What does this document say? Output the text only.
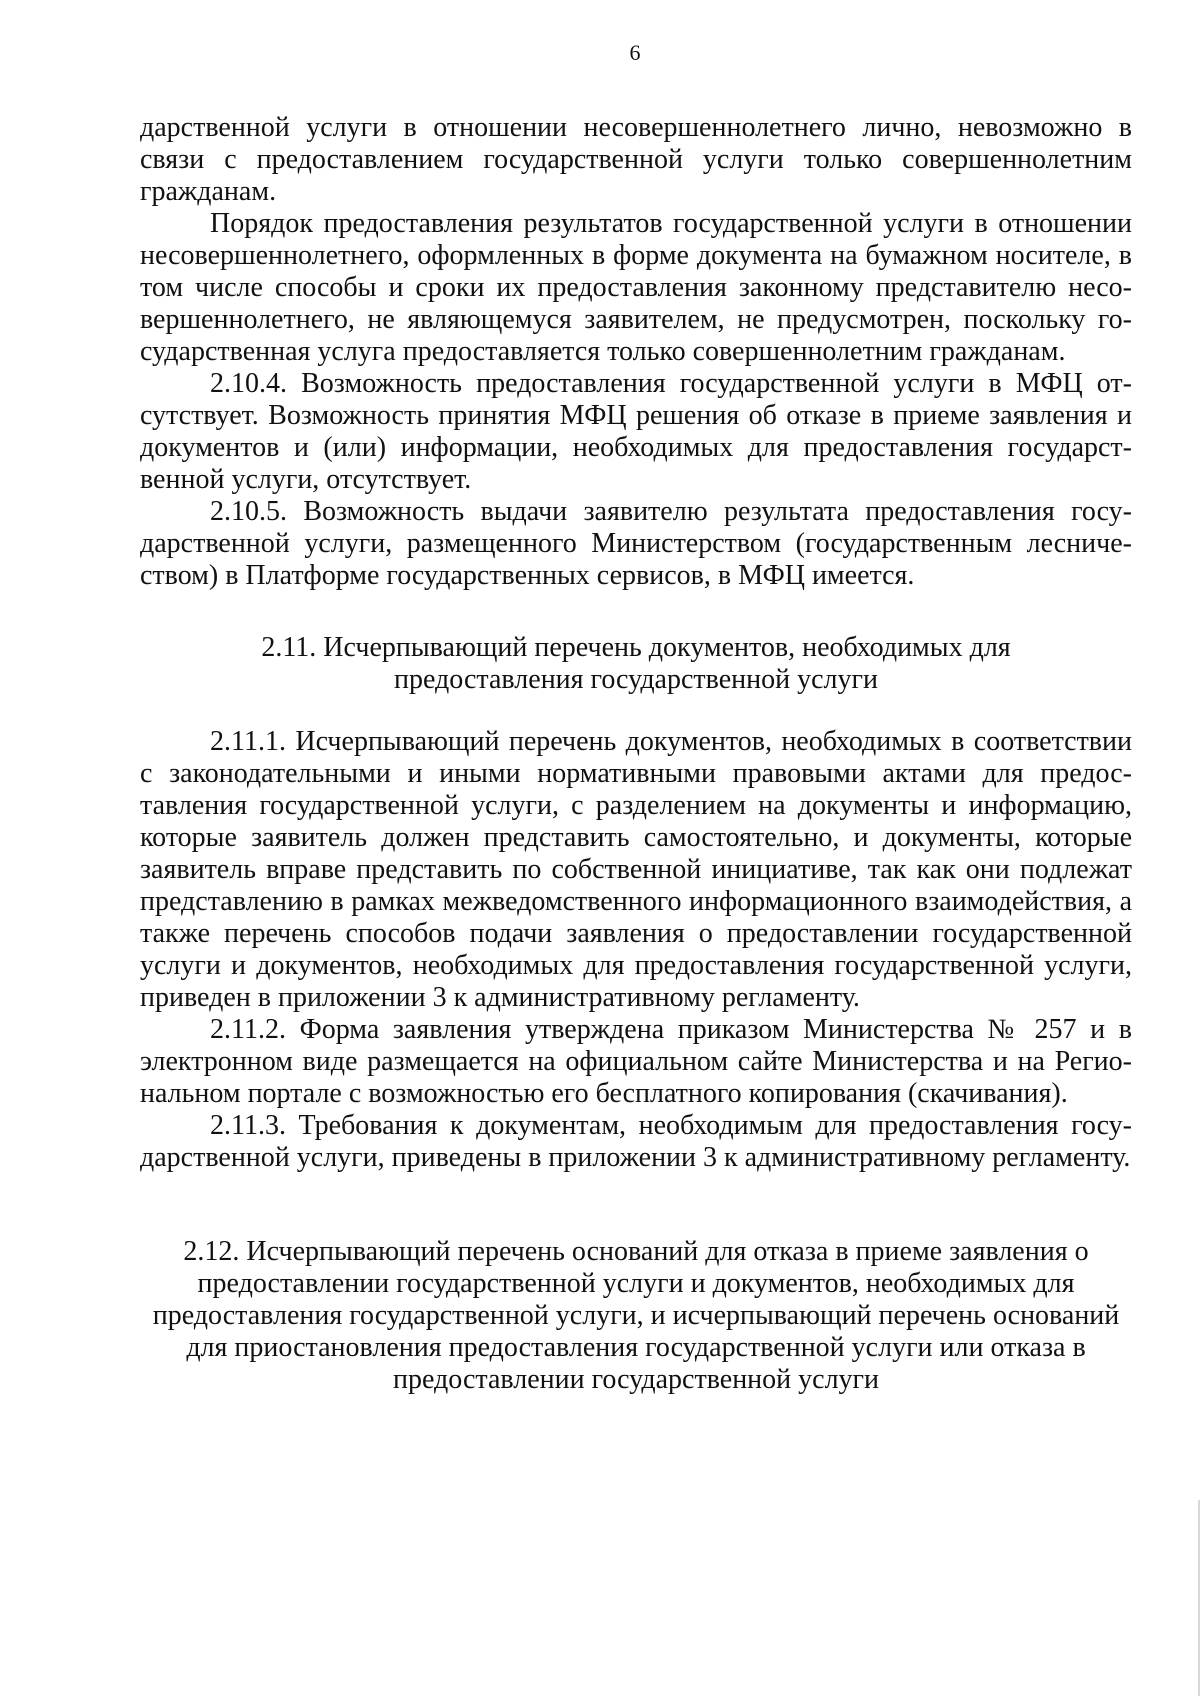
6

дарственной услуги в отношении несовершеннолетнего лично, невозможно в связи с предоставлением государственной услуги только совершеннолетним гражданам.

Порядок предоставления результатов государственной услуги в отношении несовершеннолетнего, оформленных в форме документа на бумажном носителе, в том числе способы и сроки их предоставления законному представителю несовершеннолетнего, не являющемуся заявителем, не предусмотрен, поскольку государственная услуга предоставляется только совершеннолетним гражданам.

2.10.4. Возможность предоставления государственной услуги в МФЦ отсутствует. Возможность принятия МФЦ решения об отказе в приеме заявления и документов и (или) информации, необходимых для предоставления государственной услуги, отсутствует.

2.10.5. Возможность выдачи заявителю результата предоставления государственной услуги, размещенного Министерством (государственным лесничеством) в Платформе государственных сервисов, в МФЦ имеется.

2.11. Исчерпывающий перечень документов, необходимых для предоставления государственной услуги

2.11.1. Исчерпывающий перечень документов, необходимых в соответствии с законодательными и иными нормативными правовыми актами для предоставления государственной услуги, с разделением на документы и информацию, которые заявитель должен представить самостоятельно, и документы, которые заявитель вправе представить по собственной инициативе, так как они подлежат представлению в рамках межведомственного информационного взаимодействия, а также перечень способов подачи заявления о предоставлении государственной услуги и документов, необходимых для предоставления государственной услуги, приведен в приложении 3 к административному регламенту.

2.11.2. Форма заявления утверждена приказом Министерства № 257 и в электронном виде размещается на официальном сайте Министерства и на Региональном портале с возможностью его бесплатного копирования (скачивания).

2.11.3. Требования к документам, необходимым для предоставления государственной услуги, приведены в приложении 3 к административному регламенту.

2.12. Исчерпывающий перечень оснований для отказа в приеме заявления о предоставлении государственной услуги и документов, необходимых для предоставления государственной услуги, и исчерпывающий перечень оснований для приостановления предоставления государственной услуги или отказа в предоставлении государственной услуги
